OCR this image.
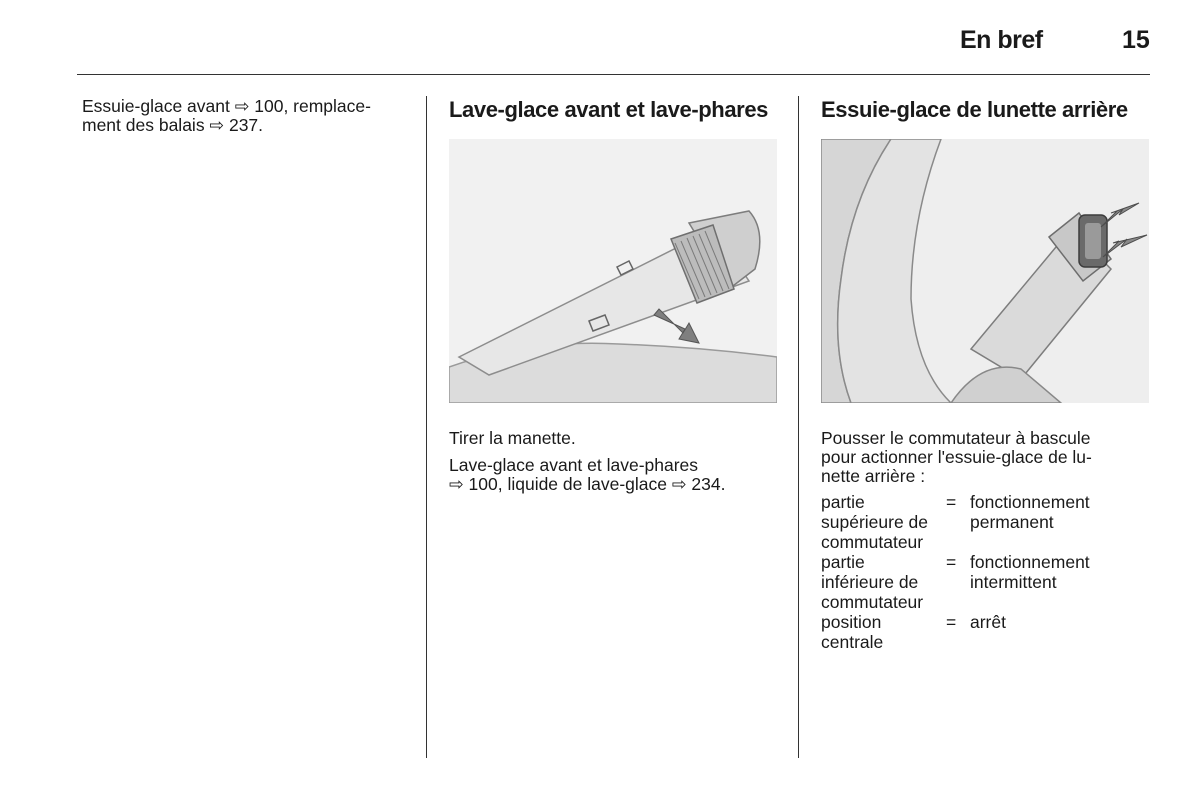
En bref	15

Essuie-glace avant ⇨ 100, remplace-

ment des balais ⇨ 237.

Lave-glace avant et lave-phares

Tirer la manette.

Lave-glace avant et lave-phares

⇨ 100, liquide de lave-glace ⇨ 234.

Essuie-glace de lunette arrière

Pousser le commutateur à bascule

pour actionner l'essuie-glace de lu-

nette arrière :

partie
supérieure de
commutateur
= fonctionnement
permanent
partie
inférieure de
commutateur
= fonctionnement
intermittent
position
centrale
= arrêt
